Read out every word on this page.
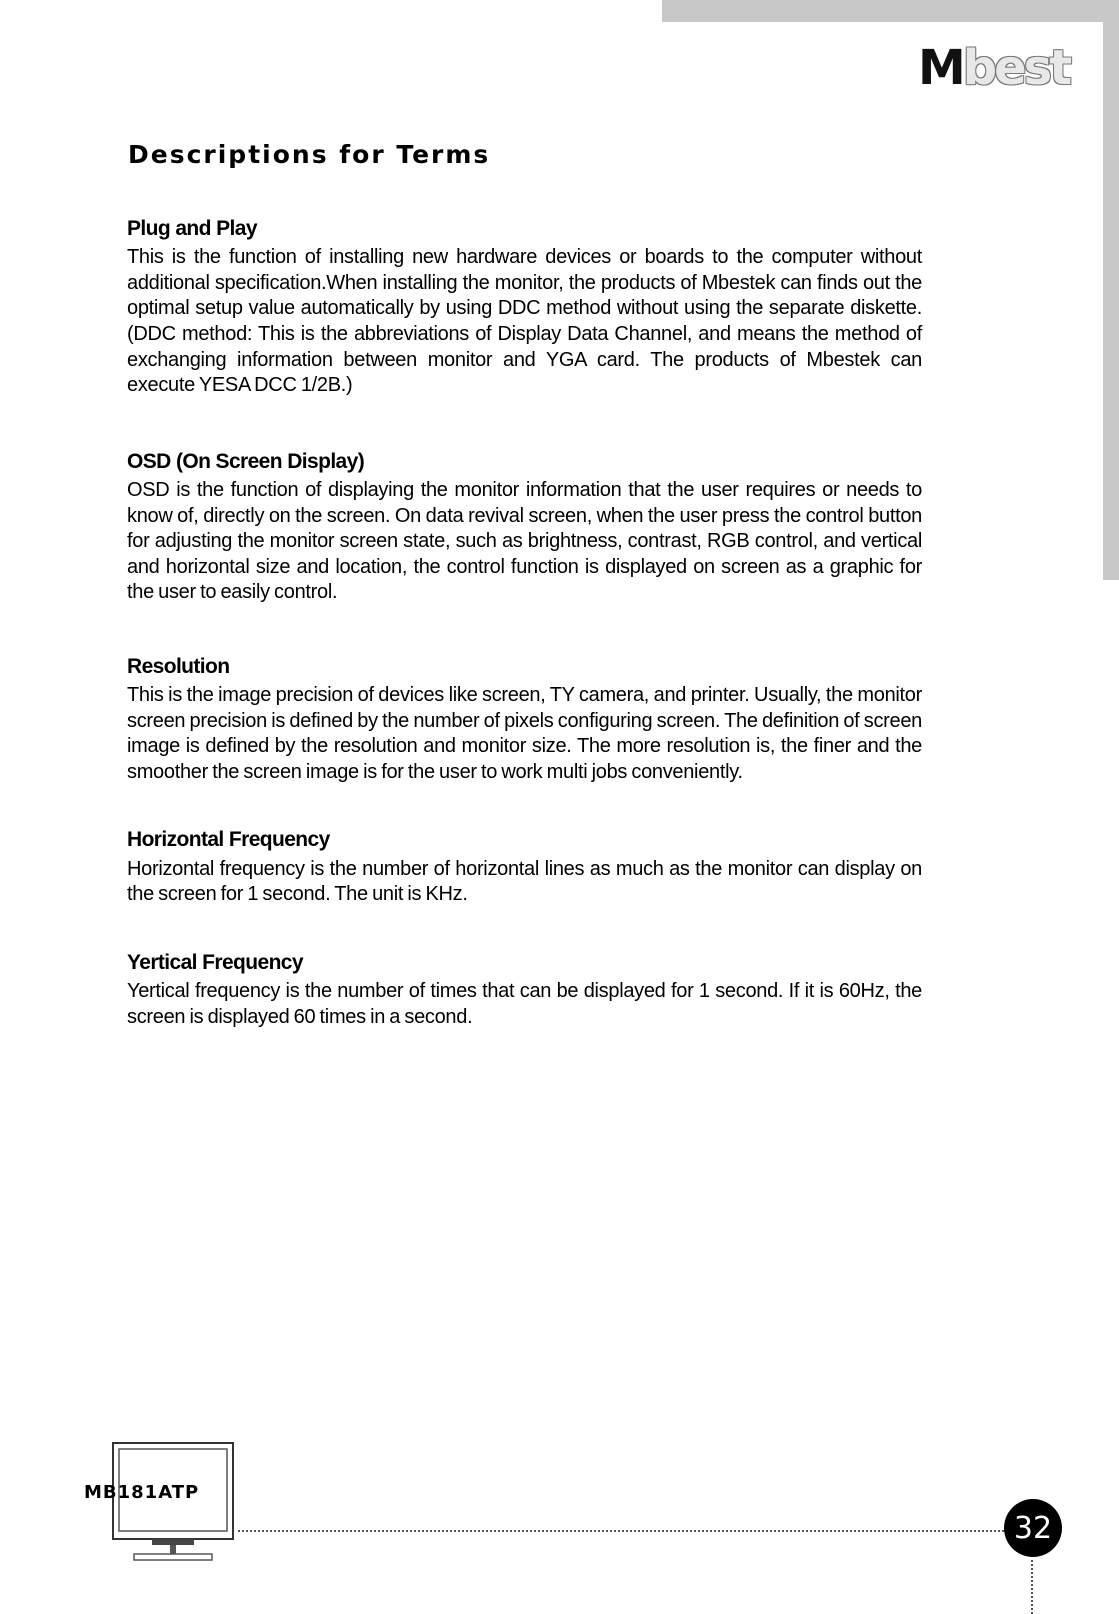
Mbest
Descriptions for Terms
Plug and Play

This is the function of installing new hardware devices or boards to the computer without additional specification.When installing the monitor, the products of Mbestek can finds out the optimal setup value automatically by using DDC method without using the separate diskette. (DDC method: This is the abbreviations of Display Data Channel, and means the method of exchanging information between monitor and YGA card. The products of Mbestek can execute YESA DCC 1/2B.)

OSD (On Screen Display)

OSD is the function of displaying the monitor information that the user requires or needs to know of, directly on the screen. On data revival screen, when the user press the control button for adjusting the monitor screen state, such as brightness, contrast, RGB control, and vertical and horizontal size and location, the control function is displayed on screen as a graphic for the user to easily control.

Resolution

This is the image precision of devices like screen, TY camera, and printer. Usually, the monitor screen precision is defined by the number of pixels configuring screen. The definition of screen image is defined by the resolution and monitor size. The more resolution is, the finer and the smoother the screen image is for the user to work multi jobs conveniently.

Horizontal Frequency

Horizontal frequency is the number of horizontal lines as much as the monitor can display on the screen for 1 second. The unit is KHz.

Yertical Frequency

Yertical frequency is the number of times that can be displayed for 1 second. If it is 60Hz, the screen is displayed 60 times in a second.

MB181ATP
32
